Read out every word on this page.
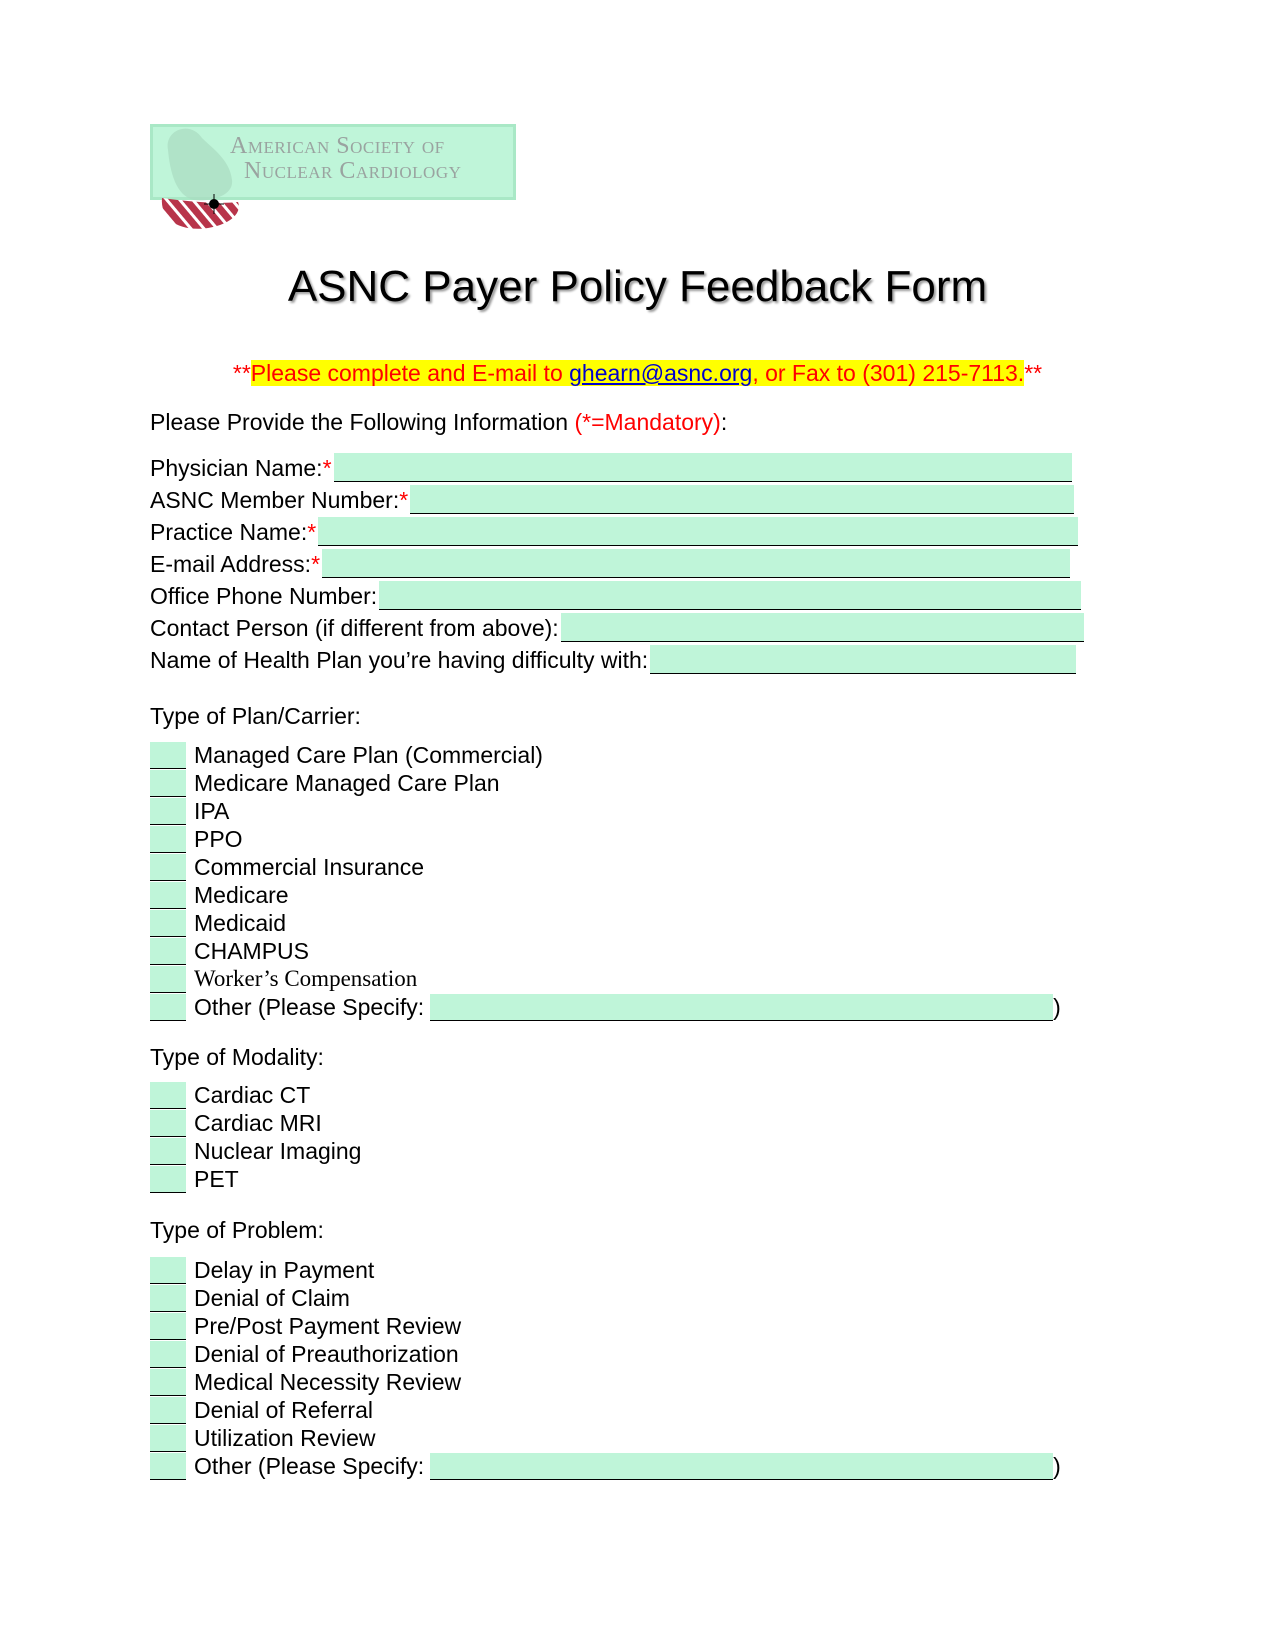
American Society of
Nuclear Cardiology
ASNC Payer Policy Feedback Form
**Please complete and E-mail to ghearn@asnc.org, or Fax to (301) 215-7113.**
Please Provide the Following Information (*=Mandatory):
Physician Name: *
ASNC Member Number: *
Practice Name: *
E-mail Address: *
Office Phone Number:
Contact Person (if different from above):
Name of Health Plan you’re having difficulty with:
Type of Plan/Carrier:
Managed Care Plan (Commercial)
Medicare Managed Care Plan
IPA
PPO
Commercial Insurance
Medicare
Medicaid
CHAMPUS
Worker’s Compensation
Other (Please Specify:	)
Type of Modality:
Cardiac CT
Cardiac MRI
Nuclear Imaging
PET
Type of Problem:
Delay in Payment
Denial of Claim
Pre/Post Payment Review
Denial of Preauthorization
Medical Necessity Review
Denial of Referral
Utilization Review
Other (Please Specify:	)
